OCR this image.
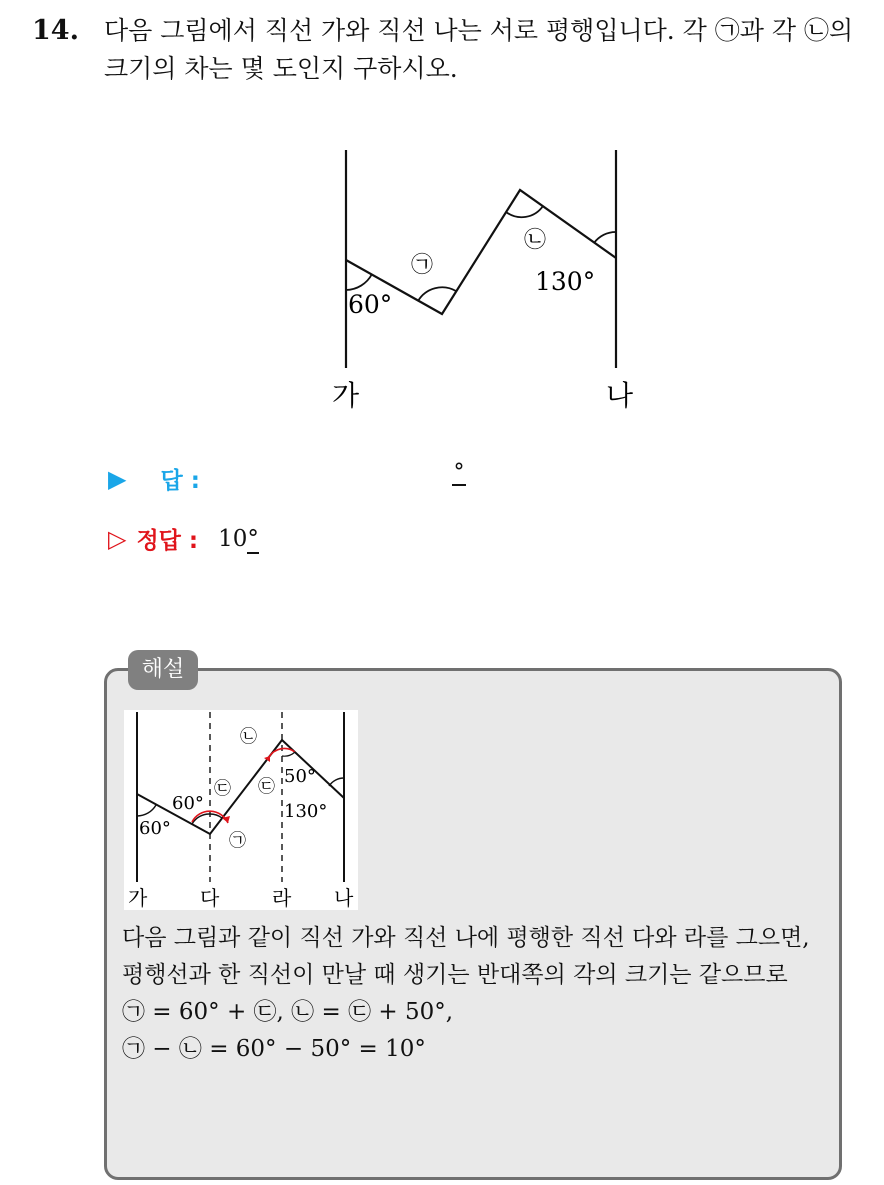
14. 다음 그림에서 직선 가와 직선 나는 서로 평행입니다. 각 ㉠과 각 ㉡의 크기의 차는 몇 도인지 구하시오.
㉠
㉡
60°
130°
가	나
▶ 답 :	°
▷ 정답 : 10°
해설
㉡
㉢ ㉢
㉠
50°
130°
60°
60°
가	다	라 나
다음 그림과 같이 직선 가와 직선 나에 평행한 직선 다와 라를 그으면,
평행선과 한 직선이 만날 때 생기는 반대쪽의 각의 크기는 같으므로
㉠ = 60° + ㉢, ㉡ = ㉢ + 50°,
㉠ − ㉡ = 60° − 50° = 10°
